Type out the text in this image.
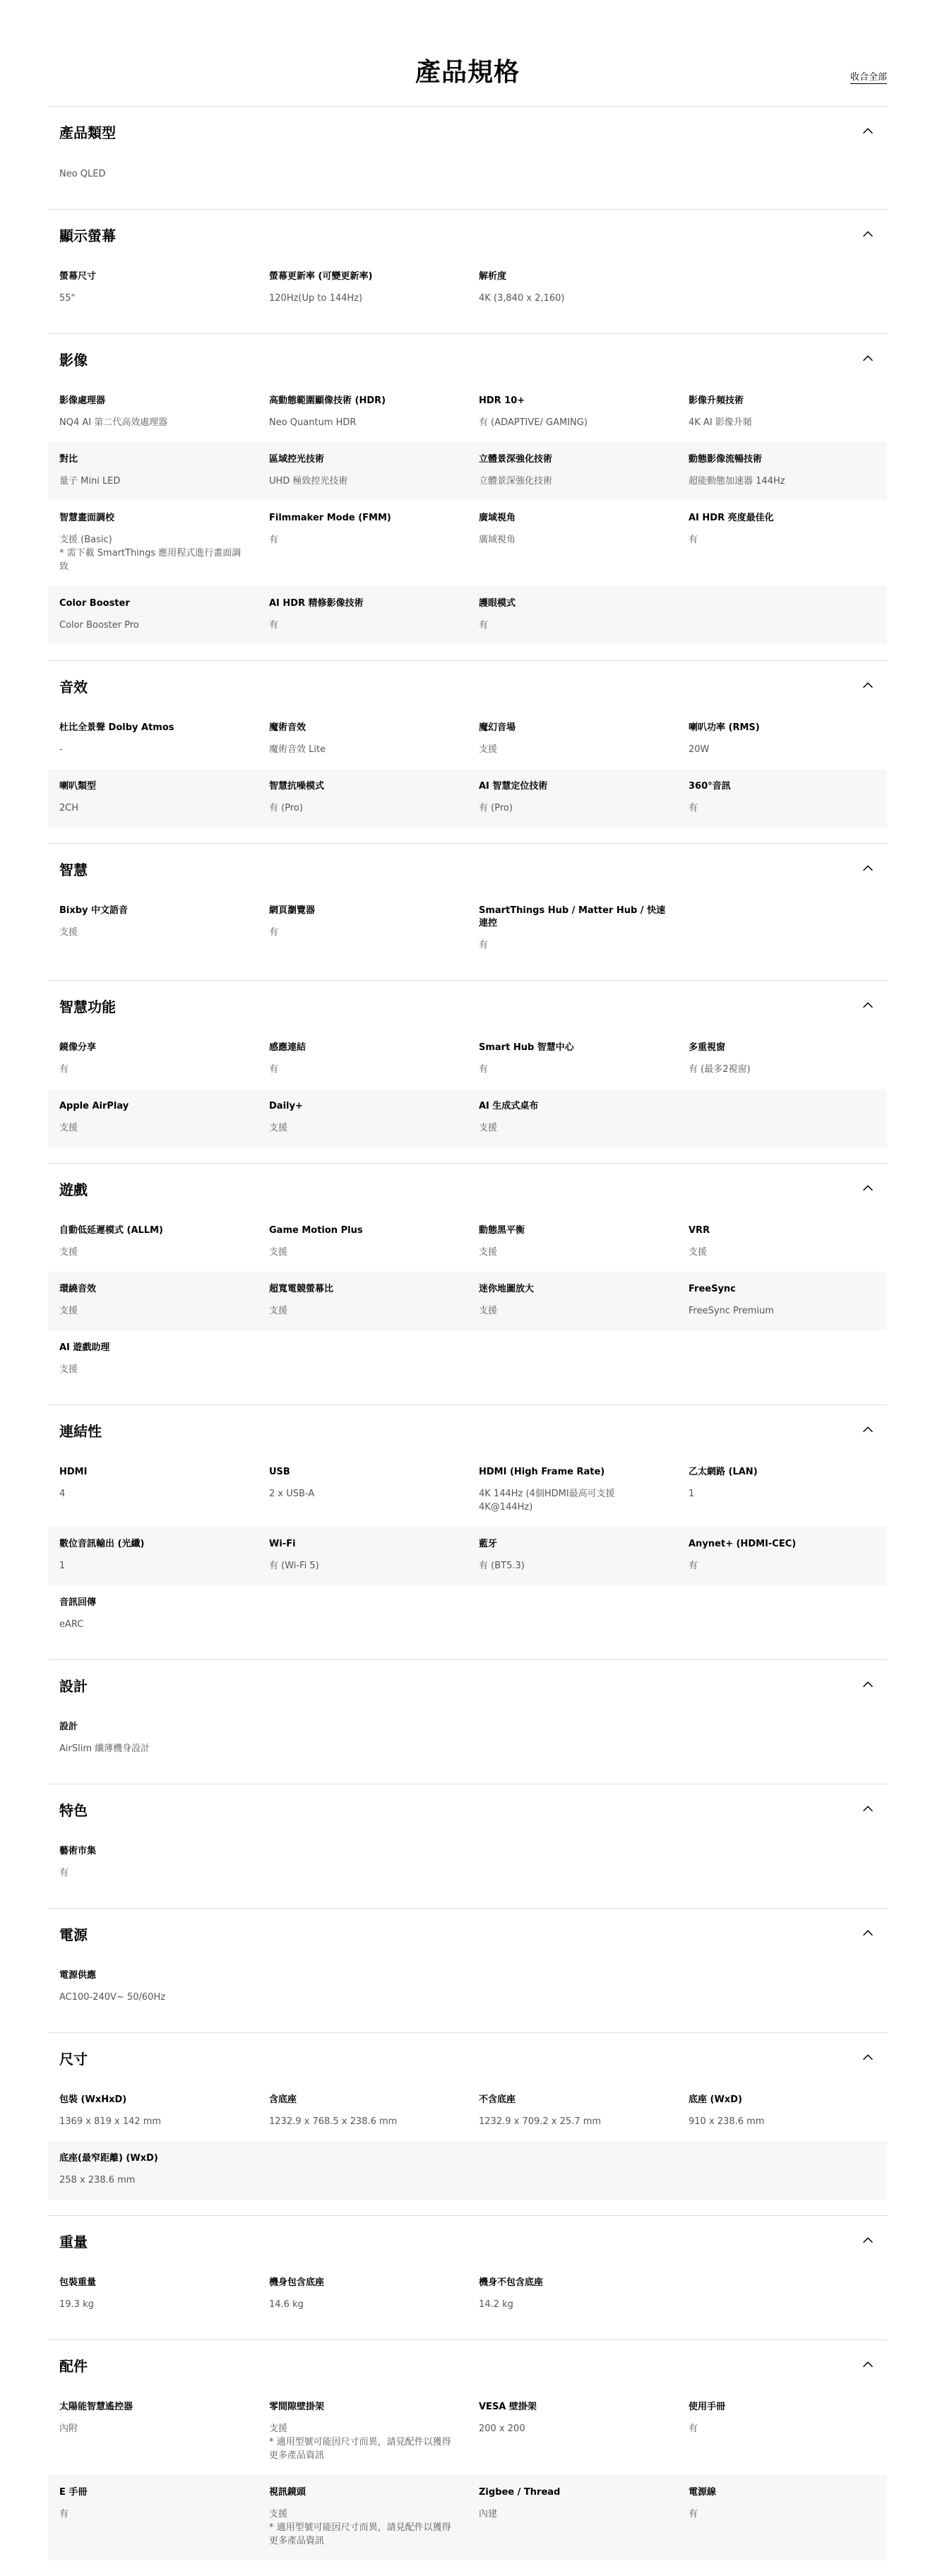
產品規格	收合全部
產品類型
Neo QLED
顯示螢幕
螢幕尺寸
55"
螢幕更新率 (可變更新率)
120Hz(Up to 144Hz)
解析度
4K (3,840 x 2,160)
影像
影像處理器
NQ4 AI 第二代高效處理器
高動態範圍顯像技術 (HDR)
Neo Quantum HDR
HDR 10+
有 (ADAPTIVE/ GAMING)
影像升頻技術
4K AI 影像升頻
對比
量子 Mini LED
區域控光技術
UHD 極致控光技術
立體景深強化技術
立體景深強化技術
動態影像流暢技術
超能動態加速器 144Hz
智慧畫面調校
支援 (Basic)
* 需下載 SmartThings 應用程式進行畫面調致
Filmmaker Mode (FMM)
有
廣域視角
廣域視角
AI HDR 亮度最佳化
有
Color Booster
Color Booster Pro
AI HDR 精修影像技術
有
護眼模式
有
音效
杜比全景聲 Dolby Atmos
-
魔術音效
魔術音效 Lite
魔幻音場
支援
喇叭功率 (RMS)
20W
喇叭類型
2CH
智慧抗噪模式
有 (Pro)
AI 智慧定位技術
有 (Pro)
360°音訊
有
智慧
Bixby 中文語音
支援
網頁瀏覽器
有
SmartThings Hub / Matter Hub / 快速連控
有
智慧功能
鏡像分享
有
感應連結
有
Smart Hub 智慧中心
有
多重視窗
有 (最多2視窗)
Apple AirPlay
支援
Daily+
支援
AI 生成式桌布
支援
遊戲
自動低延遲模式 (ALLM)
支援
Game Motion Plus
支援
動態黑平衡
支援
VRR
支援
環繞音效
支援
超寬電競螢幕比
支援
迷你地圖放大
支援
FreeSync
FreeSync Premium
AI 遊戲助理
支援
連結性
HDMI
4
USB
2 x USB-A
HDMI (High Frame Rate)
4K 144Hz (4個HDMI最高可支援4K@144Hz)
乙太網路 (LAN)
1
數位音訊輸出 (光纖)
1
Wi-Fi
有 (Wi-Fi 5)
藍牙
有 (BT5.3)
Anynet+ (HDMI-CEC)
有
音訊回傳
eARC
設計
設計
AirSlim 纖薄機身設計
特色
藝術市集
有
電源
電源供應
AC100-240V~ 50/60Hz
尺寸
包裝 (WxHxD)
1369 x 819 x 142 mm
含底座
1232.9 x 768.5 x 238.6 mm
不含底座
1232.9 x 709.2 x 25.7 mm
底座 (WxD)
910 x 238.6 mm
底座(最窄距離) (WxD)
258 x 238.6 mm
重量
包裝重量
19.3 kg
機身包含底座
14.6 kg
機身不包含底座
14.2 kg
配件
太陽能智慧遙控器
內附
零間隙壁掛架
支援
* 適用型號可能因尺寸而異，請見配件以獲得更多產品資訊
VESA 壁掛架
200 x 200
使用手冊
有
E 手冊
有
視訊鏡頭
支援
* 適用型號可能因尺寸而異，請見配件以獲得更多產品資訊
Zigbee / Thread
內建
電源線
有
